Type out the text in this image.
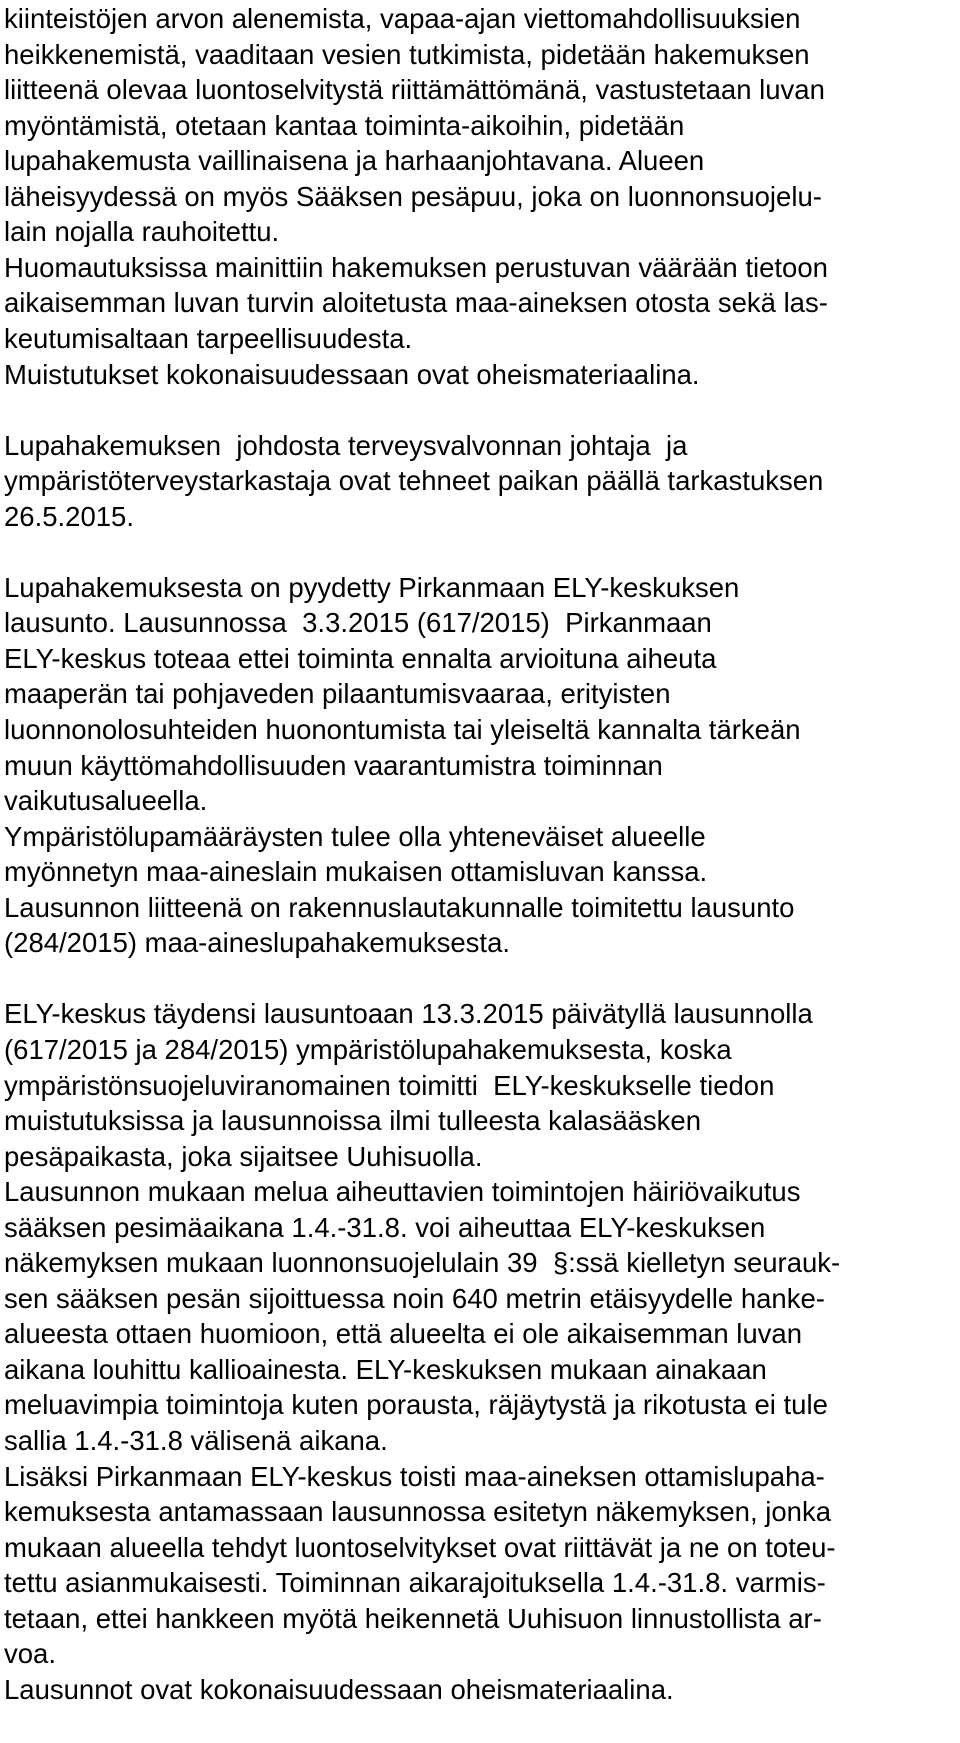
kiinteistöjen arvon alenemista, vapaa-ajan viettomahdollisuuksien
heikkenemistä, vaaditaan vesien tutkimista, pidetään hakemuksen
liitteenä olevaa luontoselvitystä riittämättömänä, vastustetaan luvan
myöntämistä, otetaan kantaa toiminta-aikoihin, pidetään
lupahakemusta vaillinaisena ja harhaanjohtavana. Alueen
läheisyydessä on myös Sääksen pesäpuu, joka on luonnonsuojelu-
lain nojalla rauhoitettu.
Huomautuksissa mainittiin hakemuksen perustuvan väärään tietoon
aikaisemman luvan turvin aloitetusta maa-aineksen otosta sekä las-
keutumisaltaan tarpeellisuudesta.
Muistutukset kokonaisuudessaan ovat oheismateriaalina.
Lupahakemuksen  johdosta terveysvalvonnan johtaja  ja
ympäristöterveystarkastaja ovat tehneet paikan päällä tarkastuksen
26.5.2015.
Lupahakemuksesta on pyydetty Pirkanmaan ELY-keskuksen
lausunto. Lausunnossa  3.3.2015 (617/2015)  Pirkanmaan
ELY-keskus toteaa ettei toiminta ennalta arvioituna aiheuta
maaperän tai pohjaveden pilaantumisvaaraa, erityisten
luonnonolosuhteiden huonontumista tai yleiseltä kannalta tärkeän
muun käyttömahdollisuuden vaarantumistra toiminnan
vaikutusalueella.
Ympäristölupamääräysten tulee olla yhteneväiset alueelle
myönnetyn maa-aineslain mukaisen ottamisluvan kanssa.
Lausunnon liitteenä on rakennuslautakunnalle toimitettu lausunto
(284/2015) maa-aineslupahakemuksesta.
ELY-keskus täydensi lausuntoaan 13.3.2015 päivätyllä lausunnolla
(617/2015 ja 284/2015) ympäristölupahakemuksesta, koska
ympäristönsuojeluviranomainen toimitti  ELY-keskukselle tiedon
muistutuksissa ja lausunnoissa ilmi tulleesta kalasääsken
pesäpaikasta, joka sijaitsee Uuhisuolla.
Lausunnon mukaan melua aiheuttavien toimintojen häiriövaikutus
sääksen pesimäaikana 1.4.-31.8. voi aiheuttaa ELY-keskuksen
näkemyksen mukaan luonnonsuojelulain 39  §:ssä kielletyn seurauk-
sen sääksen pesän sijoittuessa noin 640 metrin etäisyydelle hanke-
alueesta ottaen huomioon, että alueelta ei ole aikaisemman luvan
aikana louhittu kallioainesta. ELY-keskuksen mukaan ainakaan
meluavimpia toimintoja kuten porausta, räjäytystä ja rikotusta ei tule
sallia 1.4.-31.8 välisenä aikana.
Lisäksi Pirkanmaan ELY-keskus toisti maa-aineksen ottamislupaha-
kemuksesta antamassaan lausunnossa esitetyn näkemyksen, jonka
mukaan alueella tehdyt luontoselvitykset ovat riittävät ja ne on toteu-
tettu asianmukaisesti. Toiminnan aikarajoituksella 1.4.-31.8. varmis-
tetaan, ettei hankkeen myötä heikennetä Uuhisuon linnustollista ar-
voa.
Lausunnot ovat kokonaisuudessaan oheismateriaalina.
